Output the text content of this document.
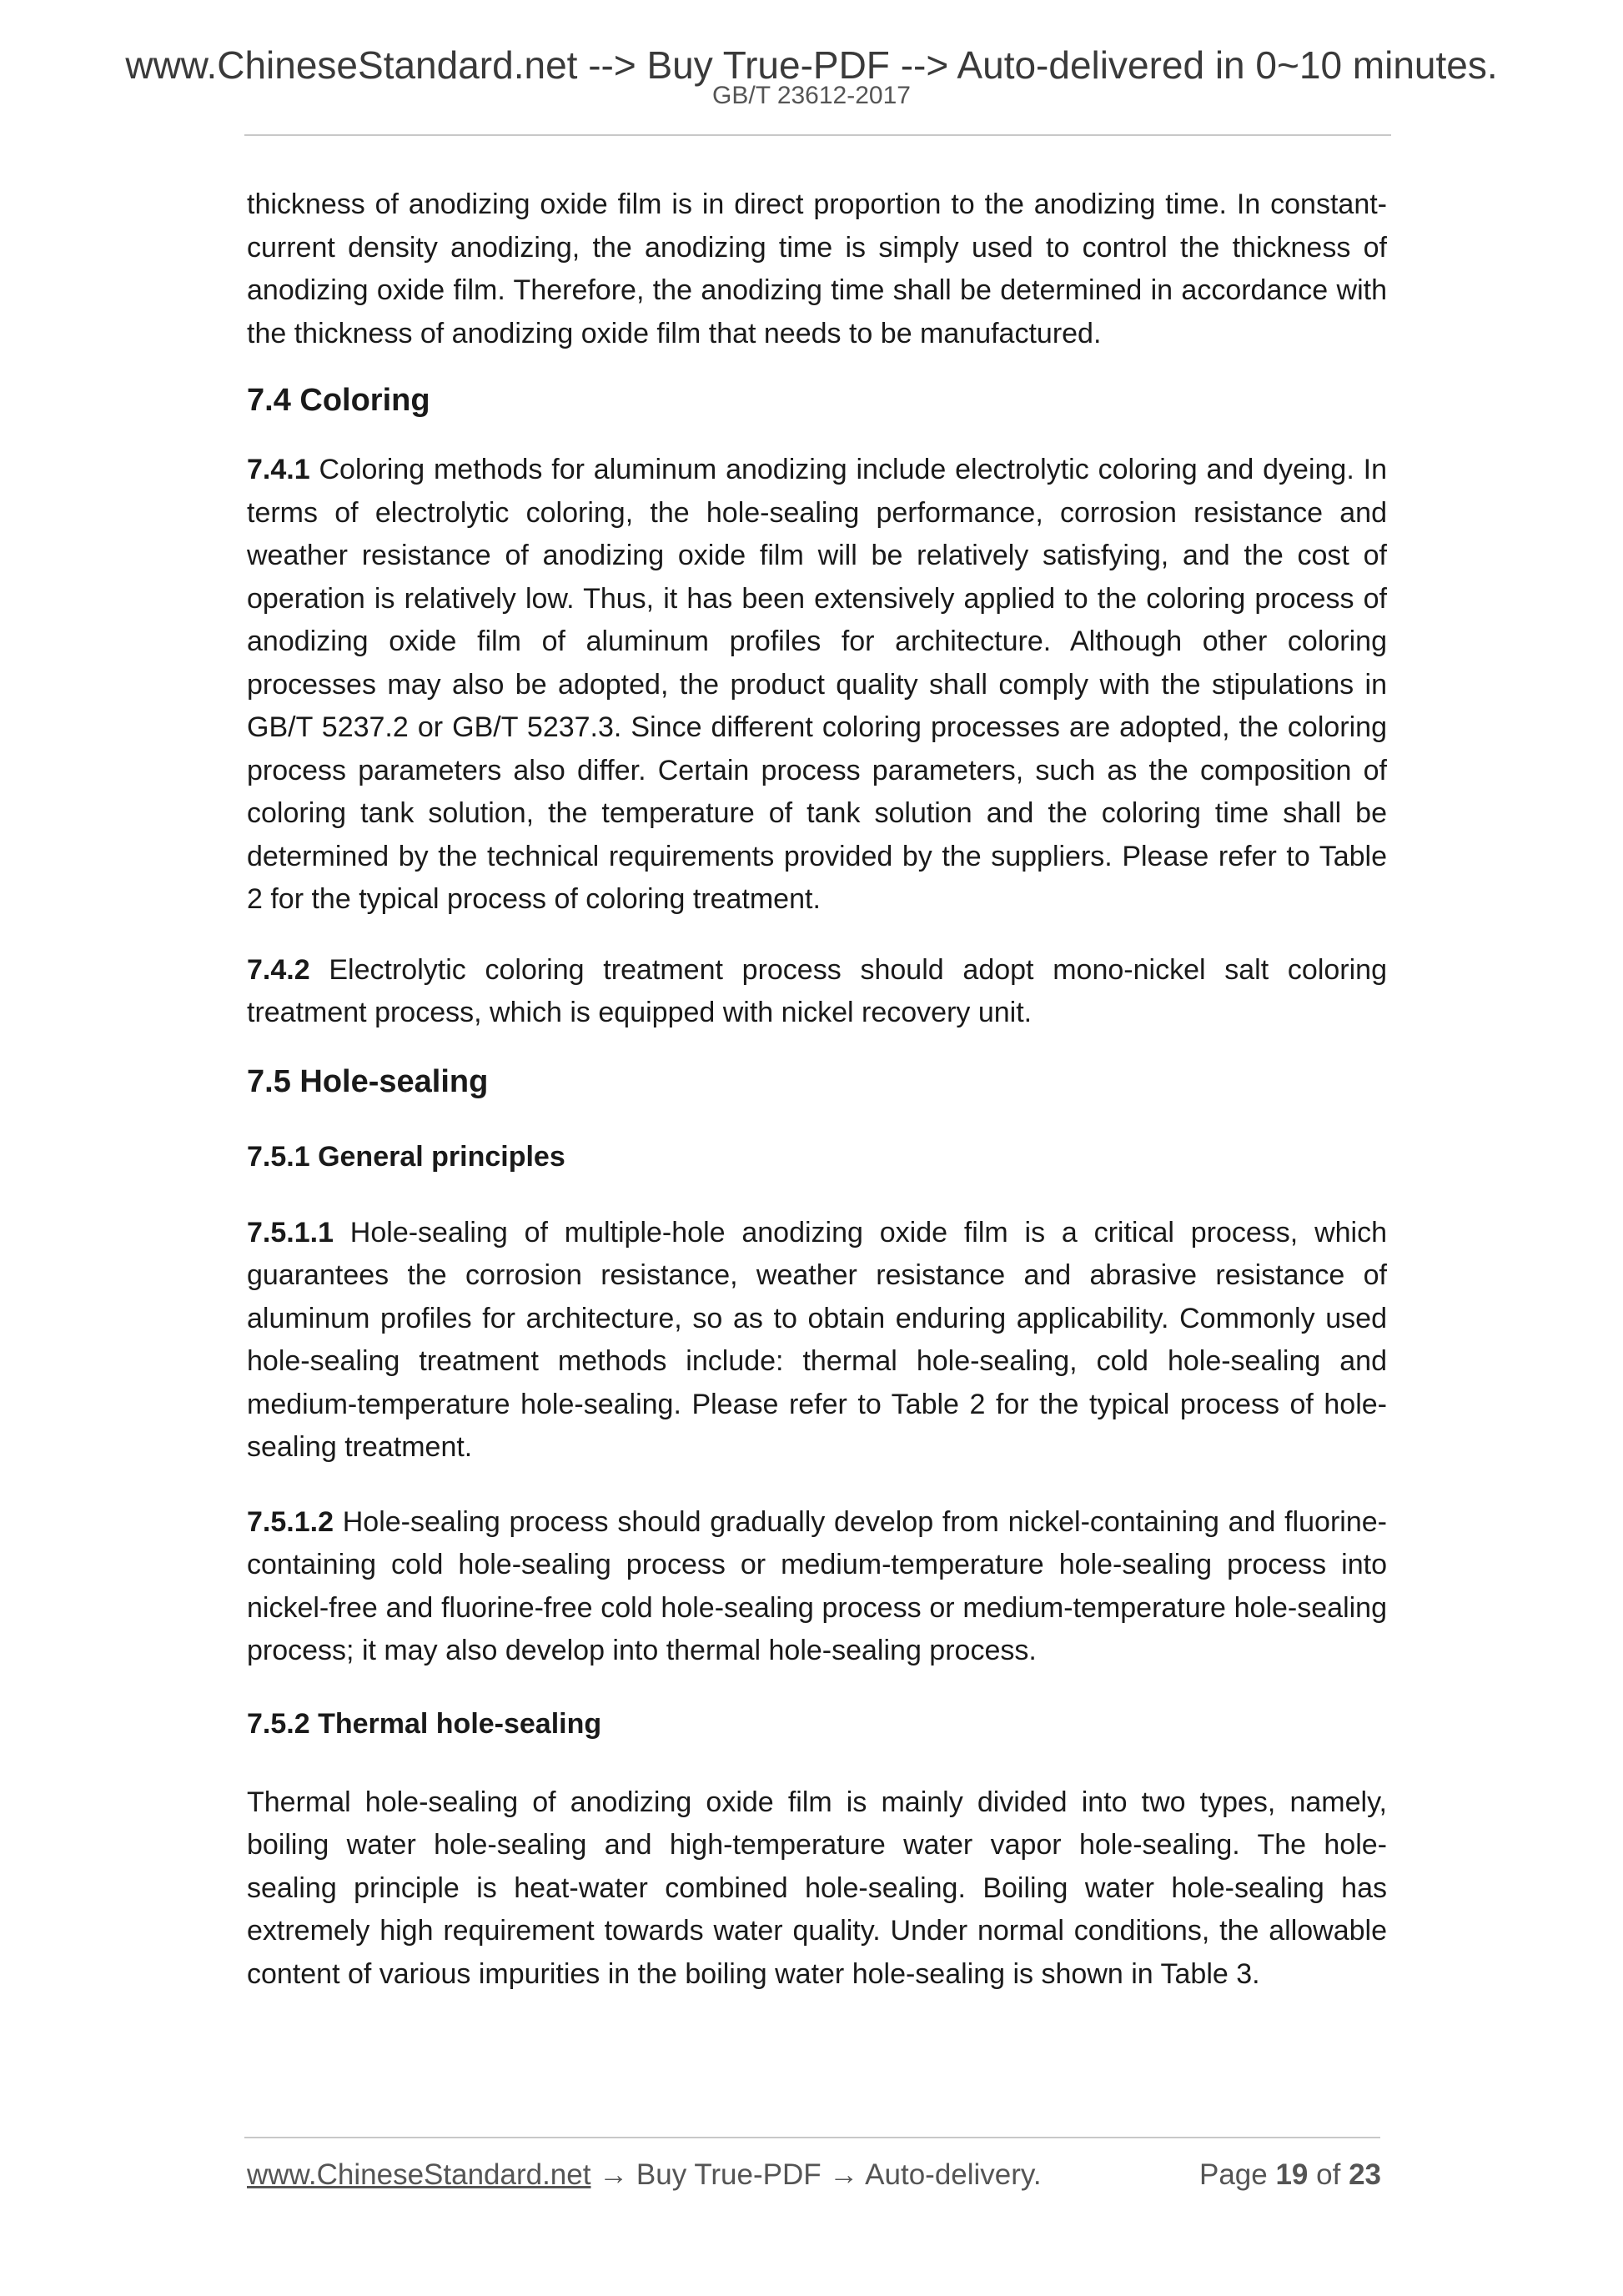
www.ChineseStandard.net --> Buy True-PDF --> Auto-delivered in 0~10 minutes.
GB/T 23612-2017

thickness of anodizing oxide film is in direct proportion to the anodizing time. In constant-current density anodizing, the anodizing time is simply used to control the thickness of anodizing oxide film. Therefore, the anodizing time shall be determined in accordance with the thickness of anodizing oxide film that needs to be manufactured.

7.4 Coloring

7.4.1 Coloring methods for aluminum anodizing include electrolytic coloring and dyeing. In terms of electrolytic coloring, the hole-sealing performance, corrosion resistance and weather resistance of anodizing oxide film will be relatively satisfying, and the cost of operation is relatively low. Thus, it has been extensively applied to the coloring process of anodizing oxide film of aluminum profiles for architecture. Although other coloring processes may also be adopted, the product quality shall comply with the stipulations in GB/T 5237.2 or GB/T 5237.3. Since different coloring processes are adopted, the coloring process parameters also differ. Certain process parameters, such as the composition of coloring tank solution, the temperature of tank solution and the coloring time shall be determined by the technical requirements provided by the suppliers. Please refer to Table 2 for the typical process of coloring treatment.

7.4.2 Electrolytic coloring treatment process should adopt mono-nickel salt coloring treatment process, which is equipped with nickel recovery unit.

7.5 Hole-sealing

7.5.1 General principles

7.5.1.1 Hole-sealing of multiple-hole anodizing oxide film is a critical process, which guarantees the corrosion resistance, weather resistance and abrasive resistance of aluminum profiles for architecture, so as to obtain enduring applicability. Commonly used hole-sealing treatment methods include: thermal hole-sealing, cold hole-sealing and medium-temperature hole-sealing. Please refer to Table 2 for the typical process of hole-sealing treatment.

7.5.1.2 Hole-sealing process should gradually develop from nickel-containing and fluorine-containing cold hole-sealing process or medium-temperature hole-sealing process into nickel-free and fluorine-free cold hole-sealing process or medium-temperature hole-sealing process; it may also develop into thermal hole-sealing process.

7.5.2 Thermal hole-sealing

Thermal hole-sealing of anodizing oxide film is mainly divided into two types, namely, boiling water hole-sealing and high-temperature water vapor hole-sealing. The hole-sealing principle is heat-water combined hole-sealing. Boiling water hole-sealing has extremely high requirement towards water quality. Under normal conditions, the allowable content of various impurities in the boiling water hole-sealing is shown in Table 3.

www.ChineseStandard.net → Buy True-PDF → Auto-delivery.	Page 19 of 23
